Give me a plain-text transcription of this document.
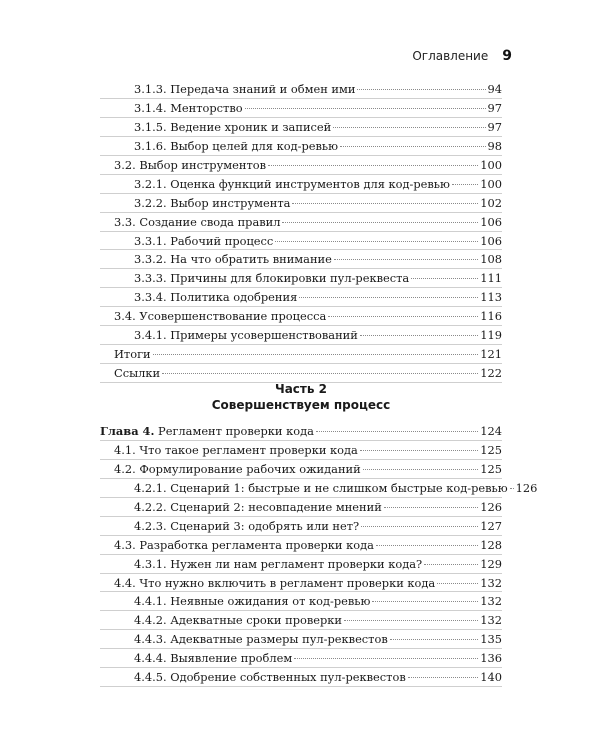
Оглавление 9
3.1.3. Передача знаний и обмен ими	94
3.1.4. Менторство	97
3.1.5. Ведение хроник и записей	97
3.1.6. Выбор целей для код-ревью	98
3.2. Выбор инструментов	100
3.2.1. Оценка функций инструментов для код-ревью	100
3.2.2. Выбор инструмента	102
3.3. Создание свода правил	106
3.3.1. Рабочий процесс	106
3.3.2. На что обратить внимание	108
3.3.3. Причины для блокировки пул-реквеста	111
3.3.4. Политика одобрения	113
3.4. Усовершенствование процесса	116
3.4.1. Примеры усовершенствований	119
Итоги	121
Ссылки	122
Часть 2
Совершенствуем процесс
Глава 4. Регламент проверки кода	124
4.1. Что такое регламент проверки кода	125
4.2. Формулирование рабочих ожиданий	125
4.2.1. Сценарий 1: быстрые и не слишком быстрые код-ревью 126
4.2.2. Сценарий 2: несовпадение мнений	126
4.2.3. Сценарий 3: одобрять или нет?	127
4.3. Разработка регламента проверки кода	128
4.3.1. Нужен ли нам регламент проверки кода?	129
4.4. Что нужно включить в регламент проверки кода	132
4.4.1. Неявные ожидания от код-ревью	132
4.4.2. Адекватные сроки проверки	132
4.4.3. Адекватные размеры пул-реквестов	135
4.4.4. Выявление проблем	136
4.4.5. Одобрение собственных пул-реквестов	140
